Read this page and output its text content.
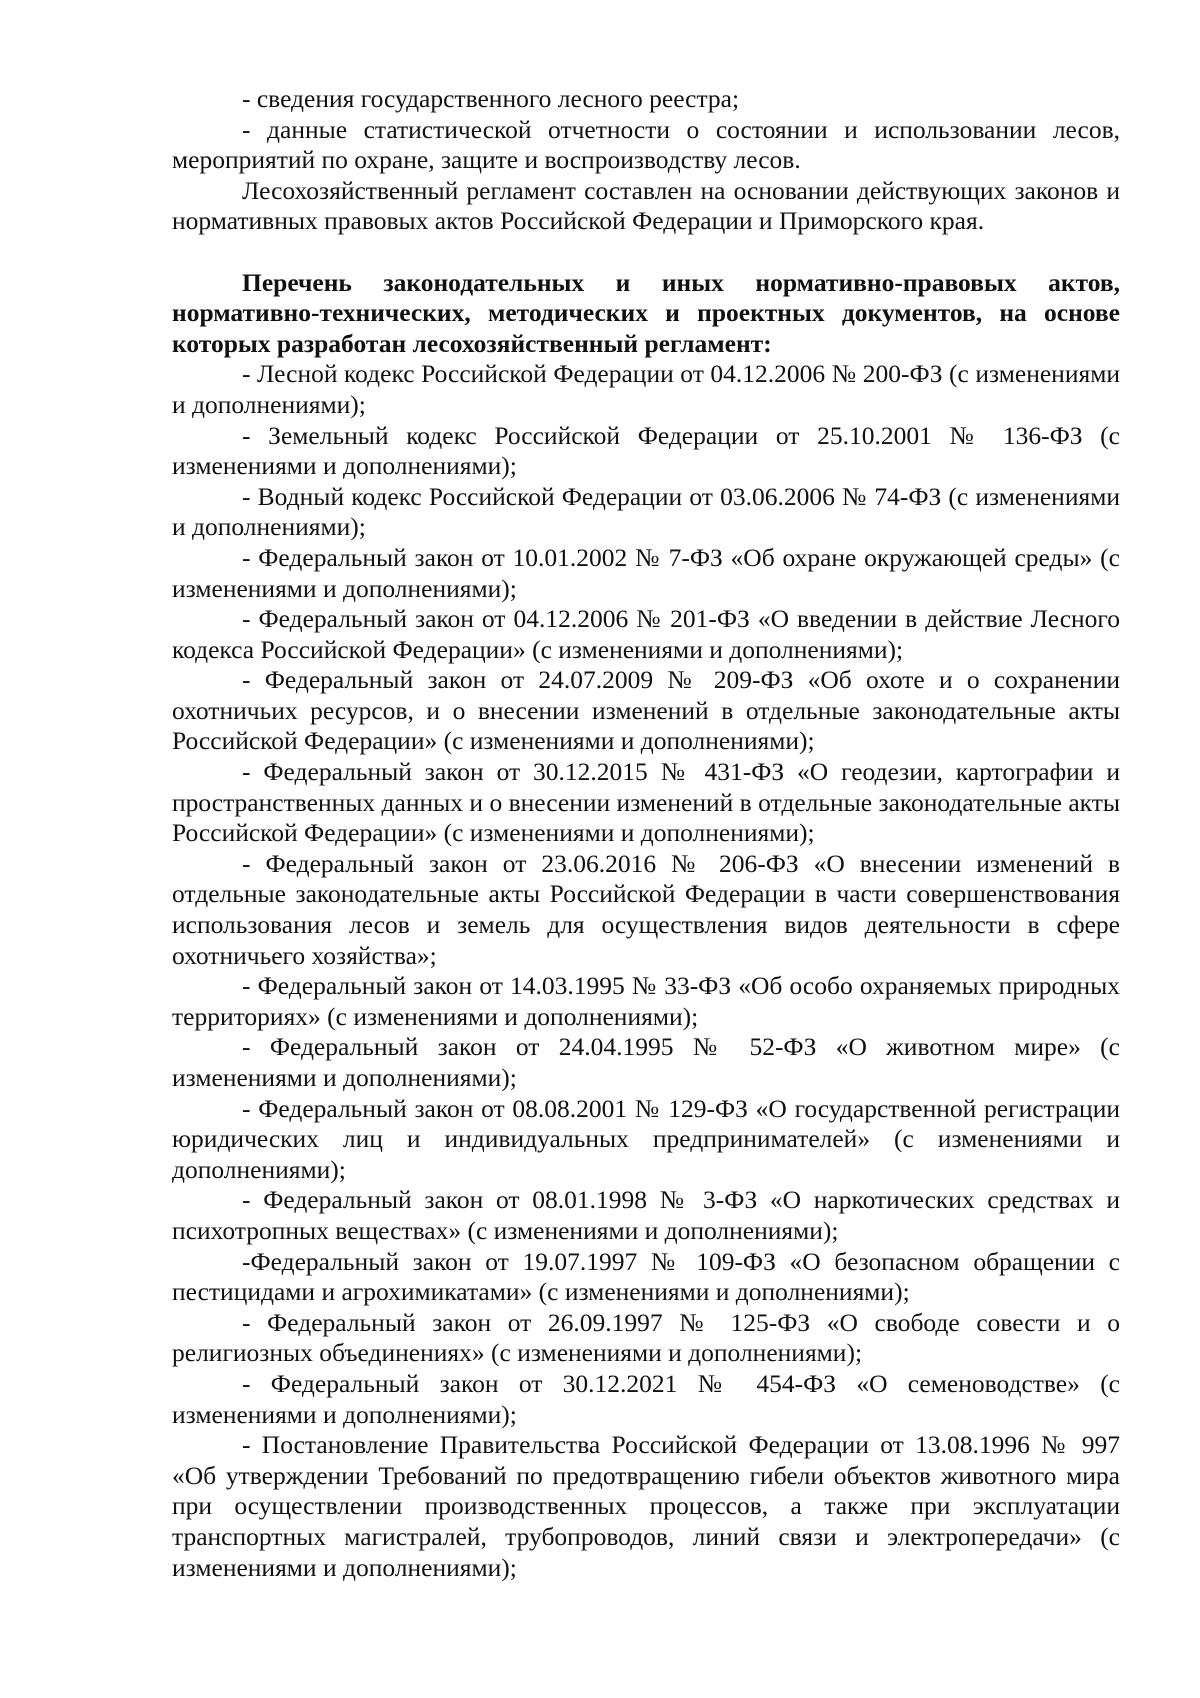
- сведения государственного лесного реестра;

- данные статистической отчетности о состоянии и использовании лесов, мероприятий по охране, защите и воспроизводству лесов.

Лесохозяйственный регламент составлен на основании действующих законов и нормативных правовых актов Российской Федерации и Приморского края.

Перечень законодательных и иных нормативно-правовых актов, нормативно-технических, методических и проектных документов, на основе которых разработан лесохозяйственный регламент:

- Лесной кодекс Российской Федерации от 04.12.2006 № 200-ФЗ (с изменениями и дополнениями);

- Земельный кодекс Российской Федерации от 25.10.2001 № 136-ФЗ (с изменениями и дополнениями);

- Водный кодекс Российской Федерации от 03.06.2006 № 74-ФЗ (с изменениями и дополнениями);

- Федеральный закон от 10.01.2002 № 7-ФЗ «Об охране окружающей среды» (с изменениями и дополнениями);

- Федеральный закон от 04.12.2006 № 201-ФЗ «О введении в действие Лесного кодекса Российской Федерации» (с изменениями и дополнениями);

- Федеральный закон от 24.07.2009 № 209-ФЗ «Об охоте и о сохранении охотничьих ресурсов, и о внесении изменений в отдельные законодательные акты Российской Федерации» (с изменениями и дополнениями);

- Федеральный закон от 30.12.2015 № 431-ФЗ «О геодезии, картографии и пространственных данных и о внесении изменений в отдельные законодательные акты Российской Федерации» (с изменениями и дополнениями);

- Федеральный закон от 23.06.2016 № 206-ФЗ «О внесении изменений в отдельные законодательные акты Российской Федерации в части совершенствования использования лесов и земель для осуществления видов деятельности в сфере охотничьего хозяйства»;

- Федеральный закон от 14.03.1995 № 33-ФЗ «Об особо охраняемых природных территориях» (с изменениями и дополнениями);

- Федеральный закон от 24.04.1995 № 52-ФЗ «О животном мире» (с изменениями и дополнениями);

- Федеральный закон от 08.08.2001 № 129-ФЗ «О государственной регистрации юридических лиц и индивидуальных предпринимателей» (с изменениями и дополнениями);

- Федеральный закон от 08.01.1998 № 3-ФЗ «О наркотических средствах и психотропных веществах» (с изменениями и дополнениями);

-Федеральный закон от 19.07.1997 № 109-ФЗ «О безопасном обращении с пестицидами и агрохимикатами» (с изменениями и дополнениями);

- Федеральный закон от 26.09.1997 № 125-ФЗ «О свободе совести и о религиозных объединениях» (с изменениями и дополнениями);

- Федеральный закон от 30.12.2021 № 454-ФЗ «О семеноводстве» (с изменениями и дополнениями);

- Постановление Правительства Российской Федерации от 13.08.1996 № 997 «Об утверждении Требований по предотвращению гибели объектов животного мира при осуществлении производственных процессов, а также при эксплуатации транспортных магистралей, трубопроводов, линий связи и электропередачи» (с изменениями и дополнениями);
